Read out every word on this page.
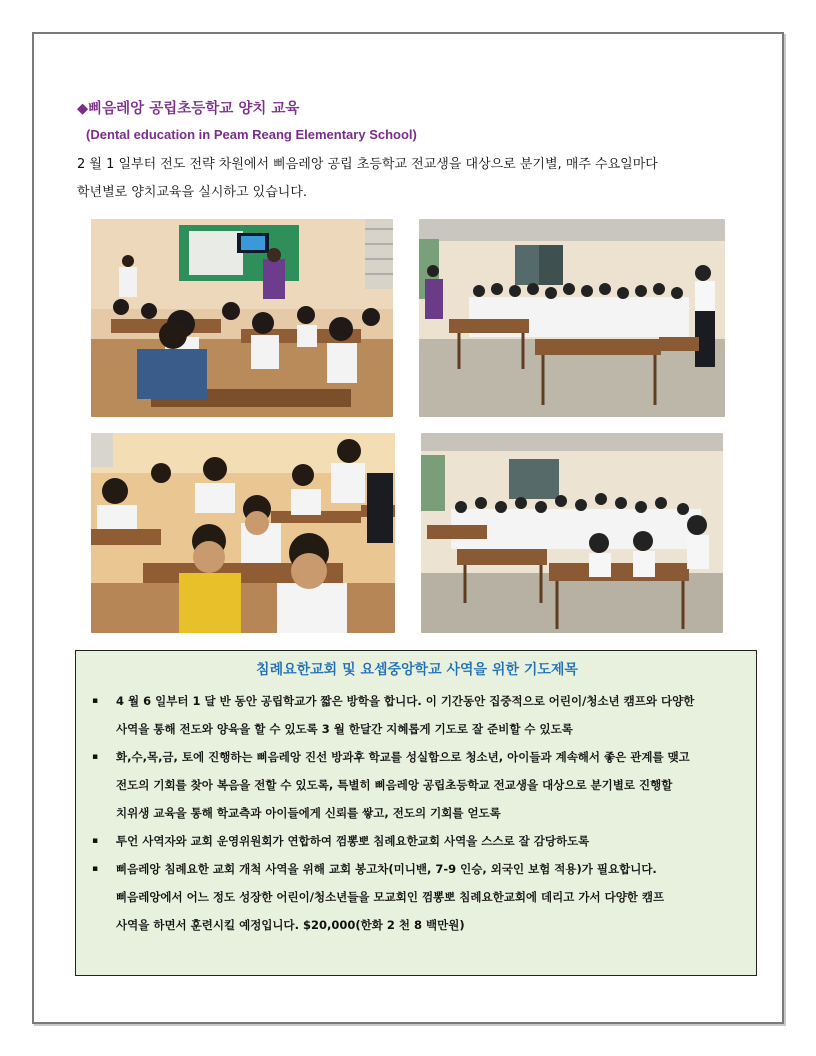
◆삐음레앙 공립초등학교 양치 교육
(Dental education in Peam Reang Elementary School)
2 월 1 일부터 전도 전략 차원에서 삐음레앙 공립 초등학교 전교생을 대상으로 분기별, 매주 수요일마다
학년별로 양치교육을 실시하고 있습니다.
침례요한교회 및 요셉중앙학교 사역을 위한 기도제목
▪ 4 월 6 일부터 1 달 반 동안 공립학교가 짧은 방학을 합니다. 이 기간동안 집중적으로 어린이/청소년 캠프와 다양한
사역을 통해 전도와 양육을 할 수 있도록 3 월 한달간 지혜롭게 기도로 잘 준비할 수 있도록
▪ 화,수,목,금, 토에 진행하는 삐음레앙 진선 방과후 학교를 성실함으로 청소년, 아이들과 계속해서 좋은 관계를 맺고
전도의 기회를 찾아 복음을 전할 수 있도록, 특별히 삐음레앙 공립초등학교 전교생을 대상으로 분기별로 진행할
치위생 교육을 통해 학교측과 아이들에게 신뢰를 쌓고, 전도의 기회를 얻도록
▪ 투언 사역자와 교회 운영위원회가 연합하여 껌뽕뽀 침례요한교회 사역을 스스로 잘 감당하도록
▪ 삐음레앙 침례요한 교회 개척 사역을 위해 교회 봉고차(미니밴, 7-9 인승, 외국인 보험 적용)가 필요합니다.
삐음레앙에서 어느 정도 성장한 어린이/청소년들을 모교회인 껌뽕뽀 침례요한교회에 데리고 가서 다양한 캠프
사역을 하면서 훈련시킬 예정입니다. $20,000(한화 2 천 8 백만원)
